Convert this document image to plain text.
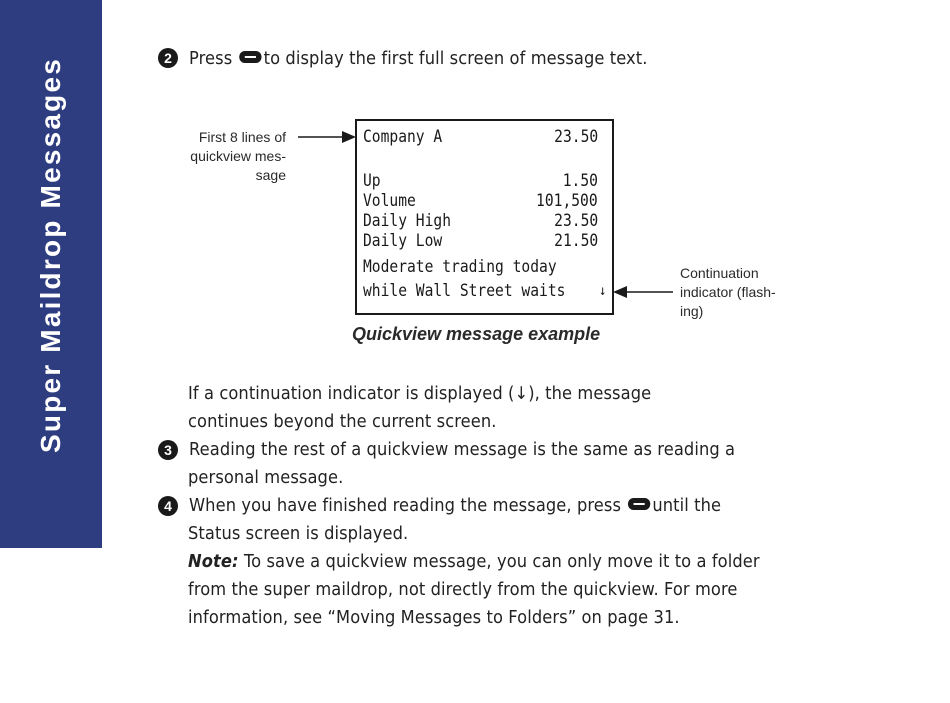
Super Maildrop Messages	2 Press to display the first full screen of message text.
First 8 lines of
quickview mes-
sage
Company A	23.50
Up	1.50
Volume	101,500
Daily High	23.50
Daily Low	21.50
Moderate trading today
while Wall Street waits ↓
Continuation
indicator (flash-
ing)
Quickview message example
If a continuation indicator is displayed (↓), the message
continues beyond the current screen.
3 Reading the rest of a quickview message is the same as reading a
personal message.
4 When you have finished reading the message, press until the
Status screen is displayed.
Note: To save a quickview message, you can only move it to a folder
from the super maildrop, not directly from the quickview. For more
information, see “Moving Messages to Folders” on page 31.
